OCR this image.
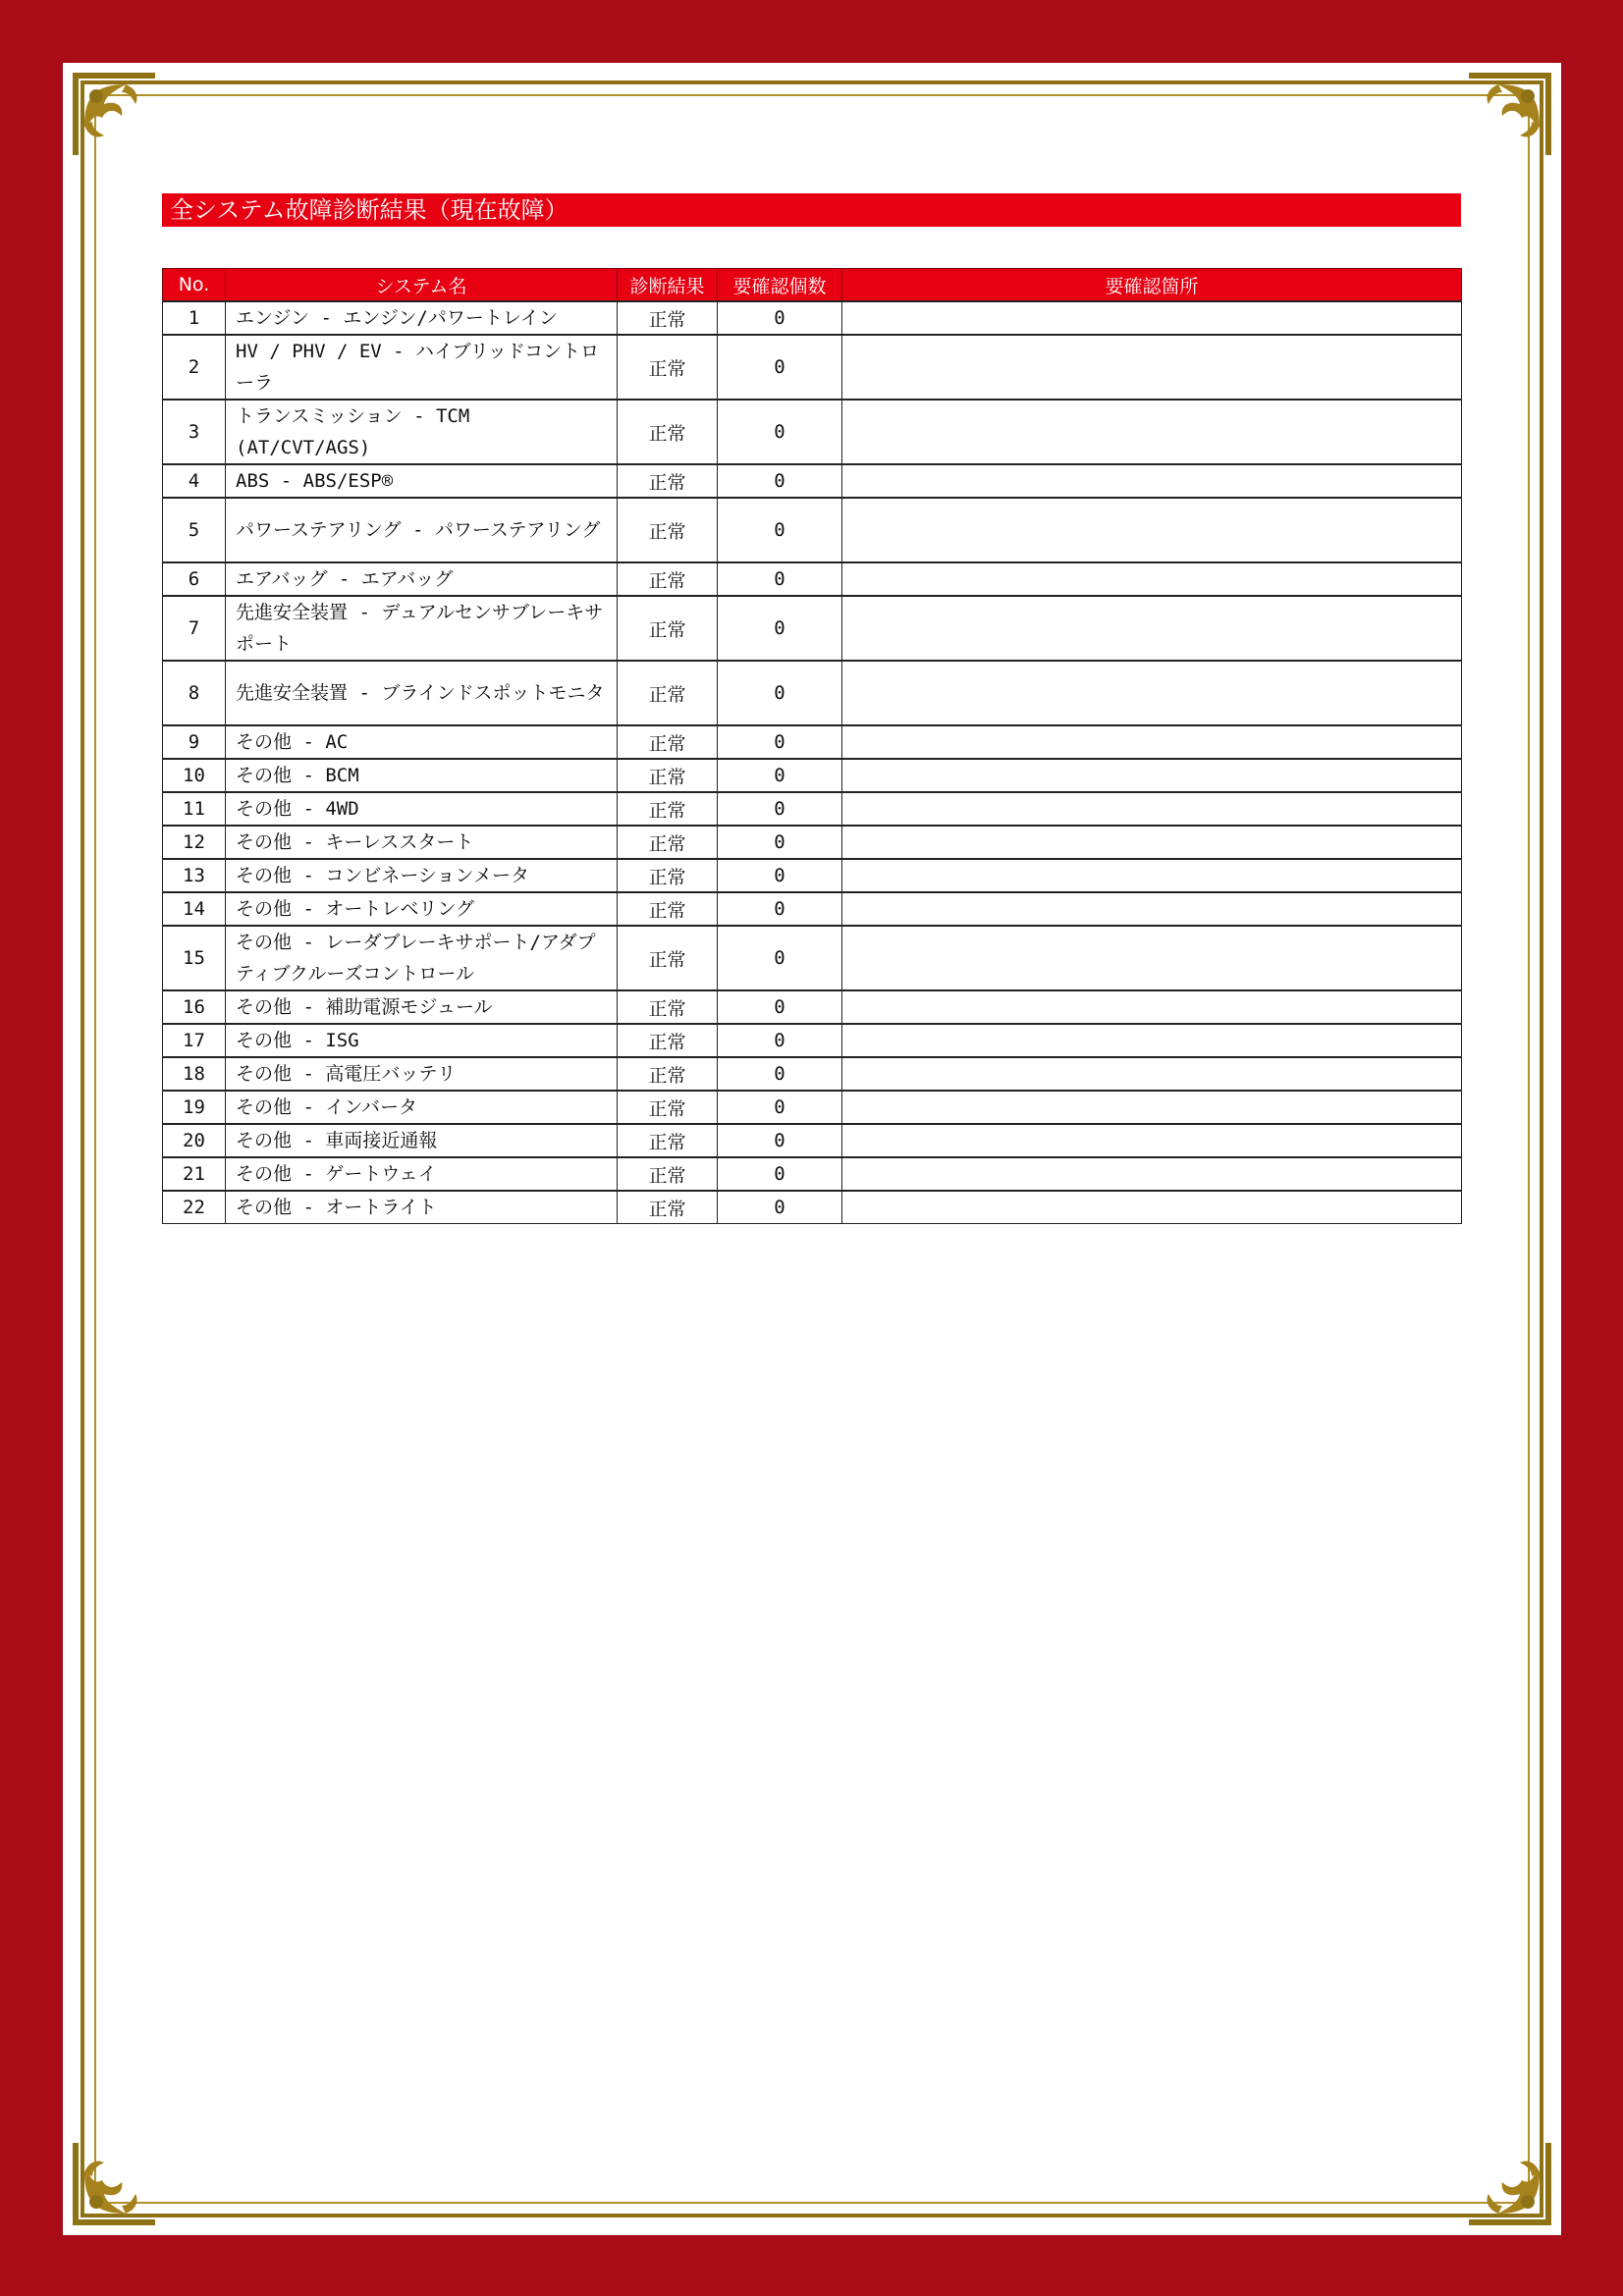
全システム故障診断結果（現在故障）
No.	システム名	診断結果	要確認個数	要確認箇所
1	エンジン - エンジン/パワートレイン	正常	0	
2	HV / PHV / EV - ハイブリッドコントローラ	正常	0	
3	トランスミッション - TCM (AT/CVT/AGS)	正常	0	
4	ABS - ABS/ESP®	正常	0	
5	パワーステアリング - パワーステアリング	正常	0	
6	エアバッグ - エアバッグ	正常	0	
7	先進安全装置 - デュアルセンサブレーキサポート	正常	0	
8	先進安全装置 - ブラインドスポットモニタ	正常	0	
9	その他 - AC	正常	0	
10	その他 - BCM	正常	0	
11	その他 - 4WD	正常	0	
12	その他 - キーレススタート	正常	0	
13	その他 - コンビネーションメータ	正常	0	
14	その他 - オートレベリング	正常	0	
15	その他 - レーダブレーキサポート/アダプティブクルーズコントロール	正常	0	
16	その他 - 補助電源モジュール	正常	0	
17	その他 - ISG	正常	0	
18	その他 - 高電圧バッテリ	正常	0	
19	その他 - インバータ	正常	0	
20	その他 - 車両接近通報	正常	0	
21	その他 - ゲートウェイ	正常	0	
22	その他 - オートライト	正常	0	
